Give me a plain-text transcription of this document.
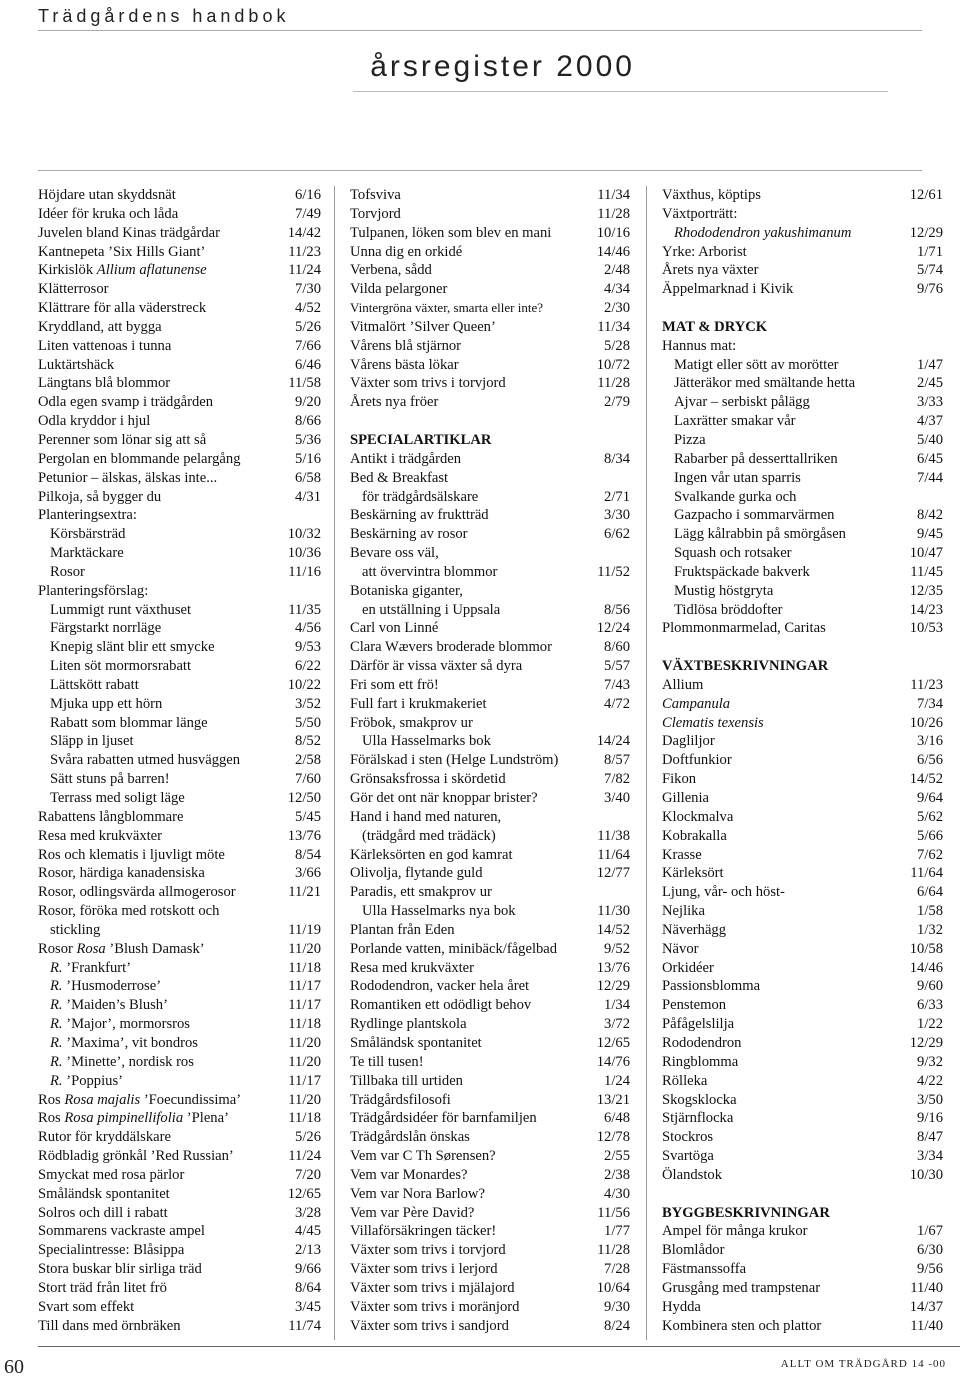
Trädgårdens handbok
årsregister 2000
Höjdare utan skyddsnät	6/16
Idéer för kruka och låda	7/49
Juvelen bland Kinas trädgårdar	14/42
Kantnepeta ’Six Hills Giant’	11/23
Kirkislök Allium aflatunense	11/24
Klätterrosor	7/30
Klättrare för alla väderstreck	4/52
Kryddland, att bygga	5/26
Liten vattenoas i tunna	7/66
Luktärtshäck	6/46
Längtans blå blommor	11/58
Odla egen svamp i trädgården	9/20
Odla kryddor i hjul	8/66
Perenner som lönar sig att så	5/36
Pergolan en blommande pelargång	5/16
Petunior – älskas, älskas inte...	6/58
Pilkoja, så bygger du	4/31
Planteringsextra:
Körsbärsträd	10/32
Marktäckare	10/36
Rosor	11/16
Planteringsförslag:
Lummigt runt växthuset	11/35
Färgstarkt norrläge	4/56
Knepig slänt blir ett smycke	9/53
Liten söt mormorsrabatt	6/22
Lättskött rabatt	10/22
Mjuka upp ett hörn	3/52
Rabatt som blommar länge	5/50
Släpp in ljuset	8/52
Svåra rabatten utmed husväggen	2/58
Sätt stuns på barren!	7/60
Terrass med soligt läge	12/50
Rabattens långblommare	5/45
Resa med krukväxter	13/76
Ros och klematis i ljuvligt möte	8/54
Rosor, härdiga kanadensiska	3/66
Rosor, odlingsvärda allmogerosor	11/21
Rosor, föröka med rotskott och
stickling	11/19
Rosor Rosa ’Blush Damask’	11/20
R. ’Frankfurt’	11/18
R. ’Husmoderrose’	11/17
R. ’Maiden’s Blush’	11/17
R. ’Major’, mormorsros	11/18
R. ’Maxima’, vit bondros	11/20
R. ’Minette’, nordisk ros	11/20
R. ’Poppius’	11/17
Ros Rosa majalis ’Foecundissima’	11/20
Ros Rosa pimpinellifolia ’Plena’	11/18
Rutor för kryddälskare	5/26
Rödbladig grönkål ’Red Russian’	11/24
Smyckat med rosa pärlor	7/20
Småländsk spontanitet	12/65
Solros och dill i rabatt	3/28
Sommarens vackraste ampel	4/45
Specialintresse: Blåsippa	2/13
Stora buskar blir sirliga träd	9/66
Stort träd från litet frö	8/64
Svart som effekt	3/45
Till dans med örnbräken	11/74
Tofsviva	11/34
Torvjord	11/28
Tulpanen, löken som blev en mani	10/16
Unna dig en orkidé	14/46
Verbena, sådd	2/48
Vilda pelargoner	4/34
Vintergröna växter, smarta eller inte?	2/30
Vitmalört ’Silver Queen’	11/34
Vårens blå stjärnor	5/28
Vårens bästa lökar	10/72
Växter som trivs i torvjord	11/28
Årets nya fröer	2/79
SPECIALARTIKLAR
Antikt i trädgården	8/34
Bed & Breakfast
för trädgårdsälskare	2/71
Beskärning av fruktträd	3/30
Beskärning av rosor	6/62
Bevare oss väl,
att övervintra blommor	11/52
Botaniska giganter,
en utställning i Uppsala	8/56
Carl von Linné	12/24
Clara Wævers broderade blommor	8/60
Därför är vissa växter så dyra	5/57
Fri som ett frö!	7/43
Full fart i krukmakeriet	4/72
Fröbok, smakprov ur
Ulla Hasselmarks bok	14/24
Förälskad i sten (Helge Lundström)	8/57
Grönsaksfrossa i skördetid	7/82
Gör det ont när knoppar brister?	3/40
Hand i hand med naturen,
(trädgård med trädäck)	11/38
Kärleksörten en god kamrat	11/64
Olivolja, flytande guld	12/77
Paradis, ett smakprov ur
Ulla Hasselmarks nya bok	11/30
Plantan från Eden	14/52
Porlande vatten, minibäck/fågelbad	9/52
Resa med krukväxter	13/76
Rododendron, vacker hela året	12/29
Romantiken ett odödligt behov	1/34
Rydlinge plantskola	3/72
Småländsk spontanitet	12/65
Te till tusen!	14/76
Tillbaka till urtiden	1/24
Trädgårdsfilosofi	13/21
Trädgårdsidéer för barnfamiljen	6/48
Trädgårdslån önskas	12/78
Vem var C Th Sørensen?	2/55
Vem var Monardes?	2/38
Vem var Nora Barlow?	4/30
Vem var Père David?	11/56
Villaförsäkringen täcker!	1/77
Växter som trivs i torvjord	11/28
Växter som trivs i lerjord	7/28
Växter som trivs i mjälajord	10/64
Växter som trivs i moränjord	9/30
Växter som trivs i sandjord	8/24
Växthus, köptips	12/61
Växtporträtt:
Rhododendron yakushimanum	12/29
Yrke: Arborist	1/71
Årets nya växter	5/74
Äppelmarknad i Kivik	9/76
MAT & DRYCK
Hannus mat:
Matigt eller sött av morötter	1/47
Jätteräkor med smältande hetta	2/45
Ajvar – serbiskt pålägg	3/33
Laxrätter smakar vår	4/37
Pizza	5/40
Rabarber på desserttallriken	6/45
Ingen vår utan sparris	7/44
Svalkande gurka och
Gazpacho i sommarvärmen	8/42
Lägg kålrabbin på smörgåsen	9/45
Squash och rotsaker	10/47
Fruktspäckade bakverk	11/45
Mustig höstgryta	12/35
Tidlösa bröddofter	14/23
Plommonmarmelad, Caritas	10/53
VÄXTBESKRIVNINGAR
Allium	11/23
Campanula	7/34
Clematis texensis	10/26
Dagliljor	3/16
Doftfunkior	6/56
Fikon	14/52
Gillenia	9/64
Klockmalva	5/62
Kobrakalla	5/66
Krasse	7/62
Kärleksört	11/64
Ljung, vår- och höst-	6/64
Nejlika	1/58
Näverhägg	1/32
Nävor	10/58
Orkidéer	14/46
Passionsblomma	9/60
Penstemon	6/33
Påfågelslilja	1/22
Rododendron	12/29
Ringblomma	9/32
Rölleka	4/22
Skogsklocka	3/50
Stjärnflocka	9/16
Stockros	8/47
Svartöga	3/34
Ölandstok	10/30
BYGGBESKRIVNINGAR
Ampel för många krukor	1/67
Blomlådor	6/30
Fästmanssoffa	9/56
Grusgång med trampstenar	11/40
Hydda	14/37
Kombinera sten och plattor	11/40
60	ALLT OM TRÄDGÅRD 14 -00
